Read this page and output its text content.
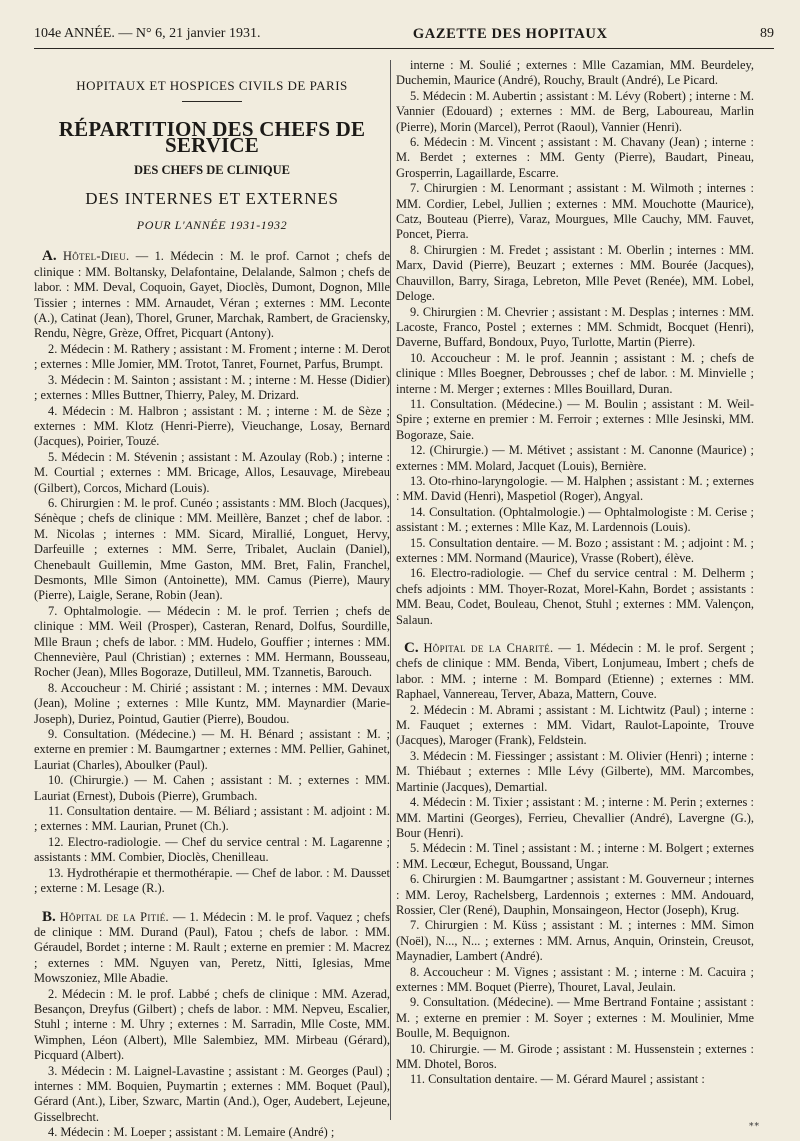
104e ANNÉE. — N° 6, 21 janvier 1931.	GAZETTE DES HOPITAUX	89
HOPITAUX ET HOSPICES CIVILS DE PARIS
RÉPARTITION DES CHEFS DE SERVICE
DES CHEFS DE CLINIQUE
DES INTERNES ET EXTERNES
POUR L'ANNÉE 1931-1932

A. Hôtel-Dieu. — 1. Médecin : M. le prof. Carnot ; chefs de clinique : MM. Boltansky, Delafontaine, Delalande, Salmon ; chefs de labor. : MM. Deval, Coquoin, Gayet, Dioclès, Dumont, Dognon, Mlle Tissier ; internes : MM. Arnaudet, Véran ; externes : MM. Leconte (A.), Catinat (Jean), Thorel, Gruner, Marchak, Rambert, de Graciensky, Rendu, Nègre, Grèze, Offret, Picquart (Antony).

2. Médecin : M. Rathery ; assistant : M. Froment ; interne : M. Derot ; externes : Mlle Jomier, MM. Trotot, Tanret, Fournet, Parfus, Brumpt.

3. Médecin : M. Sainton ; assistant : M. ; interne : M. Hesse (Didier) ; externes : Mlles Buttner, Thierry, Paley, M. Drizard.

4. Médecin : M. Halbron ; assistant : M. ; interne : M. de Sèze ; externes : MM. Klotz (Henri-Pierre), Vieuchange, Losay, Bernard (Jacques), Poirier, Touzé.

5. Médecin : M. Stévenin ; assistant : M. Azoulay (Rob.) ; interne : M. Courtial ; externes : MM. Bricage, Allos, Lesauvage, Mirebeau (Gilbert), Corcos, Michard (Louis).

6. Chirurgien : M. le prof. Cunéo ; assistants : MM. Bloch (Jacques), Sénèque ; chefs de clinique : MM. Meillère, Banzet ; chef de labor. : M. Nicolas ; internes : MM. Sicard, Mirallié, Longuet, Hervy, Darfeuille ; externes : MM. Serre, Tribalet, Auclain (Daniel), Chenebault Guillemin, Mme Gaston, MM. Bret, Falin, Franchel, Desmonts, Mlle Simon (Antoinette), MM. Camus (Pierre), Maury (Pierre), Laigle, Serane, Robin (Jean).

7. Ophtalmologie. — Médecin : M. le prof. Terrien ; chefs de clinique : MM. Weil (Prosper), Casteran, Renard, Dolfus, Sourdille, Mlle Braun ; chefs de labor. : MM. Hudelo, Gouffier ; internes : MM. Chennevière, Paul (Christian) ; externes : MM. Hermann, Bousseau, Rocher (Jean), Mlles Bogoraze, Dutilleul, MM. Tzannetis, Barouch.

8. Accoucheur : M. Chirié ; assistant : M. ; internes : MM. Devaux (Jean), Moline ; externes : Mlle Kuntz, MM. Maynardier (Marie-Joseph), Duriez, Pointud, Gautier (Pierre), Boudou.

9. Consultation. (Médecine.) — M. H. Bénard ; assistant : M. ; externe en premier : M. Baumgartner ; externes : MM. Pellier, Gahinet, Lauriat (Charles), Aboulker (Paul).

10. (Chirurgie.) — M. Cahen ; assistant : M. ; externes : MM. Lauriat (Ernest), Dubois (Pierre), Grumbach.

11. Consultation dentaire. — M. Béliard ; assistant : M. adjoint : M. ; externes : MM. Laurian, Prunet (Ch.).

12. Electro-radiologie. — Chef du service central : M. Lagarenne ; assistants : MM. Combier, Dioclès, Chenilleau.

13. Hydrothérapie et thermothérapie. — Chef de labor. : M. Dausset ; externe : M. Lesage (R.).

B. Hôpital de la Pitié. — 1. Médecin : M. le prof. Vaquez ; chefs de clinique : MM. Durand (Paul), Fatou ; chefs de labor. : MM. Géraudel, Bordet ; interne : M. Rault ; externe en premier : M. Macrez ; externes : MM. Nguyen van, Peretz, Nitti, Iglesias, Mme Mowszoniez, Mlle Abadie.

2. Médecin : M. le prof. Labbé ; chefs de clinique : MM. Azerad, Besançon, Dreyfus (Gilbert) ; chefs de labor. : MM. Nepveu, Escalier, Stuhl ; interne : M. Uhry ; externes : M. Sarradin, Mlle Coste, MM. Wimphen, Léon (Albert), Mlle Salembiez, MM. Mirbeau (Gérard), Picquard (Albert).

3. Médecin : M. Laignel-Lavastine ; assistant : M. Georges (Paul) ; internes : MM. Boquien, Puymartin ; externes : MM. Boquet (Paul), Gérard (Ant.), Liber, Szwarc, Martin (And.), Oger, Audebert, Lejeune, Gisselbrecht.

4. Médecin : M. Loeper ; assistant : M. Lemaire (André) ;

interne : M. Soulié ; externes : Mlle Cazamian, MM. Beurdeley, Duchemin, Maurice (André), Rouchy, Brault (André), Le Picard.

5. Médecin : M. Aubertin ; assistant : M. Lévy (Robert) ; interne : M. Vannier (Edouard) ; externes : MM. de Berg, Laboureau, Marlin (Pierre), Morin (Marcel), Perrot (Raoul), Vannier (Henri).

6. Médecin : M. Vincent ; assistant : M. Chavany (Jean) ; interne : M. Berdet ; externes : MM. Genty (Pierre), Baudart, Pineau, Grosperrin, Lagaillarde, Escarre.

7. Chirurgien : M. Lenormant ; assistant : M. Wilmoth ; internes : MM. Cordier, Lebel, Jullien ; externes : MM. Mouchotte (Maurice), Catz, Bouteau (Pierre), Varaz, Mourgues, Mlle Cauchy, MM. Fauvet, Poncet, Pierra.

8. Chirurgien : M. Fredet ; assistant : M. Oberlin ; internes : MM. Marx, David (Pierre), Beuzart ; externes : MM. Bourée (Jacques), Chauvillon, Barry, Siraga, Lebreton, Mlle Pevet (Renée), MM. Lobel, Deloge.

9. Chirurgien : M. Chevrier ; assistant : M. Desplas ; internes : MM. Lacoste, Franco, Postel ; externes : MM. Schmidt, Bocquet (Henri), Daverne, Buffard, Bondoux, Puyo, Turlotte, Martin (Pierre).

10. Accoucheur : M. le prof. Jeannin ; assistant : M. ; chefs de clinique : Mlles Boegner, Debrousses ; chef de labor. : M. Minvielle ; interne : M. Merger ; externes : Mlles Bouillard, Duran.

11. Consultation. (Médecine.) — M. Boulin ; assistant : M. Weil-Spire ; externe en premier : M. Ferroir ; externes : Mlle Jesinski, MM. Bogoraze, Saie.

12. (Chirurgie.) — M. Métivet ; assistant : M. Canonne (Maurice) ; externes : MM. Molard, Jacquet (Louis), Bernière.

13. Oto-rhino-laryngologie. — M. Halphen ; assistant : M. ; externes : MM. David (Henri), Maspetiol (Roger), Angyal.

14. Consultation. (Ophtalmologie.) — Ophtalmologiste : M. Cerise ; assistant : M. ; externes : Mlle Kaz, M. Lardennois (Louis).

15. Consultation dentaire. — M. Bozo ; assistant : M. ; adjoint : M. ; externes : MM. Normand (Maurice), Vrasse (Robert), élève.

16. Electro-radiologie. — Chef du service central : M. Delherm ; chefs adjoints : MM. Thoyer-Rozat, Morel-Kahn, Bordet ; assistants : MM. Beau, Codet, Bouleau, Chenot, Stuhl ; externes : MM. Valençon, Salaun.

C. Hôpital de la Charité. — 1. Médecin : M. le prof. Sergent ; chefs de clinique : MM. Benda, Vibert, Lonjumeau, Imbert ; chefs de labor. : MM. ; interne : M. Bompard (Etienne) ; externes : MM. Raphael, Vannereau, Terver, Abaza, Mattern, Couve.

2. Médecin : M. Abrami ; assistant : M. Lichtwitz (Paul) ; interne : M. Fauquet ; externes : MM. Vidart, Raulot-Lapointe, Trouve (Jacques), Maroger (Frank), Feldstein.

3. Médecin : M. Fiessinger ; assistant : M. Olivier (Henri) ; interne : M. Thiébaut ; externes : Mlle Lévy (Gilberte), MM. Marcombes, Martinie (Jacques), Demartial.

4. Médecin : M. Tixier ; assistant : M. ; interne : M. Perin ; externes : MM. Martini (Georges), Ferrieu, Chevallier (André), Lavergne (G.), Bour (Henri).

5. Médecin : M. Tinel ; assistant : M. ; interne : M. Bolgert ; externes : MM. Lecœur, Echegut, Boussand, Ungar.

6. Chirurgien : M. Baumgartner ; assistant : M. Gouverneur ; internes : MM. Leroy, Rachelsberg, Lardennois ; externes : MM. Andouard, Rossier, Cler (René), Dauphin, Monsaingeon, Hector (Joseph), Krug.

7. Chirurgien : M. Küss ; assistant : M. ; internes : MM. Simon (Noël), N..., N... ; externes : MM. Arnus, Anquin, Orinstein, Creusot, Maynadier, Lambert (André).

8. Accoucheur : M. Vignes ; assistant : M. ; interne : M. Cacuira ; externes : MM. Boquet (Pierre), Thouret, Laval, Jeulain.

9. Consultation. (Médecine). — Mme Bertrand Fontaine ; assistant : M. ; externe en premier : M. Soyer ; externes : M. Moulinier, Mme Boulle, M. Bequignon.

10. Chirurgie. — M. Girode ; assistant : M. Hussenstein ; externes : MM. Dhotel, Boros.

11. Consultation dentaire. — M. Gérard Maurel ; assistant :

**
